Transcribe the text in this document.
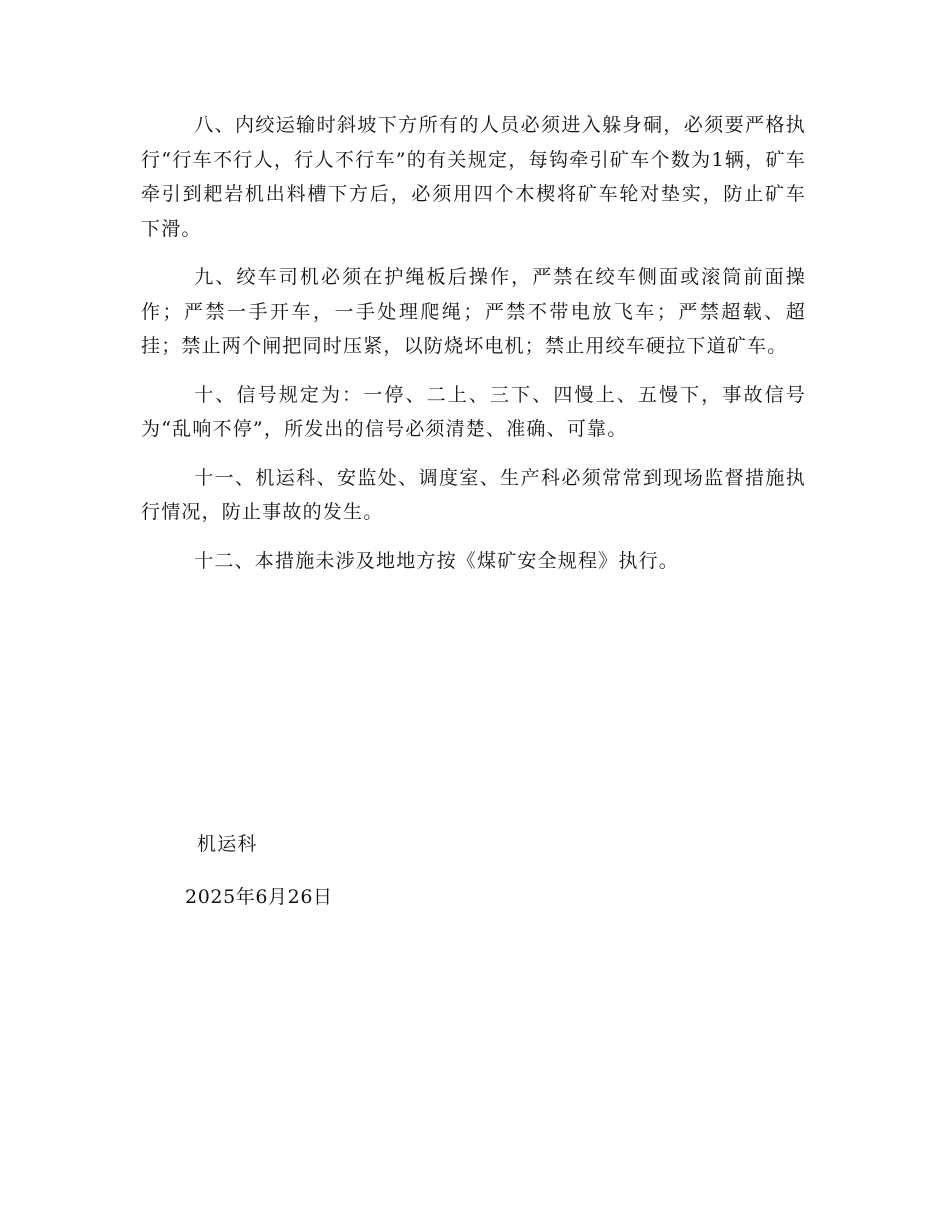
八、内绞运输时斜坡下方所有的人员必须进入躲身硐，必须要严格执行“行车不行人，行人不行车”的有关规定，每钩牵引矿车个数为1辆，矿车牵引到耙岩机出料槽下方后，必须用四个木楔将矿车轮对垫实，防止矿车下滑。

九、绞车司机必须在护绳板后操作，严禁在绞车侧面或滚筒前面操作；严禁一手开车，一手处理爬绳；严禁不带电放飞车；严禁超载、超挂；禁止两个闸把同时压紧，以防烧坏电机；禁止用绞车硬拉下道矿车。

十、信号规定为：一停、二上、三下、四慢上、五慢下，事故信号为“乱响不停”，所发出的信号必须清楚、准确、可靠。

十一、机运科、安监处、调度室、生产科必须常常到现场监督措施执行情况，防止事故的发生。

十二、本措施未涉及地地方按《煤矿安全规程》执行。

机运科
2025年6月26日
